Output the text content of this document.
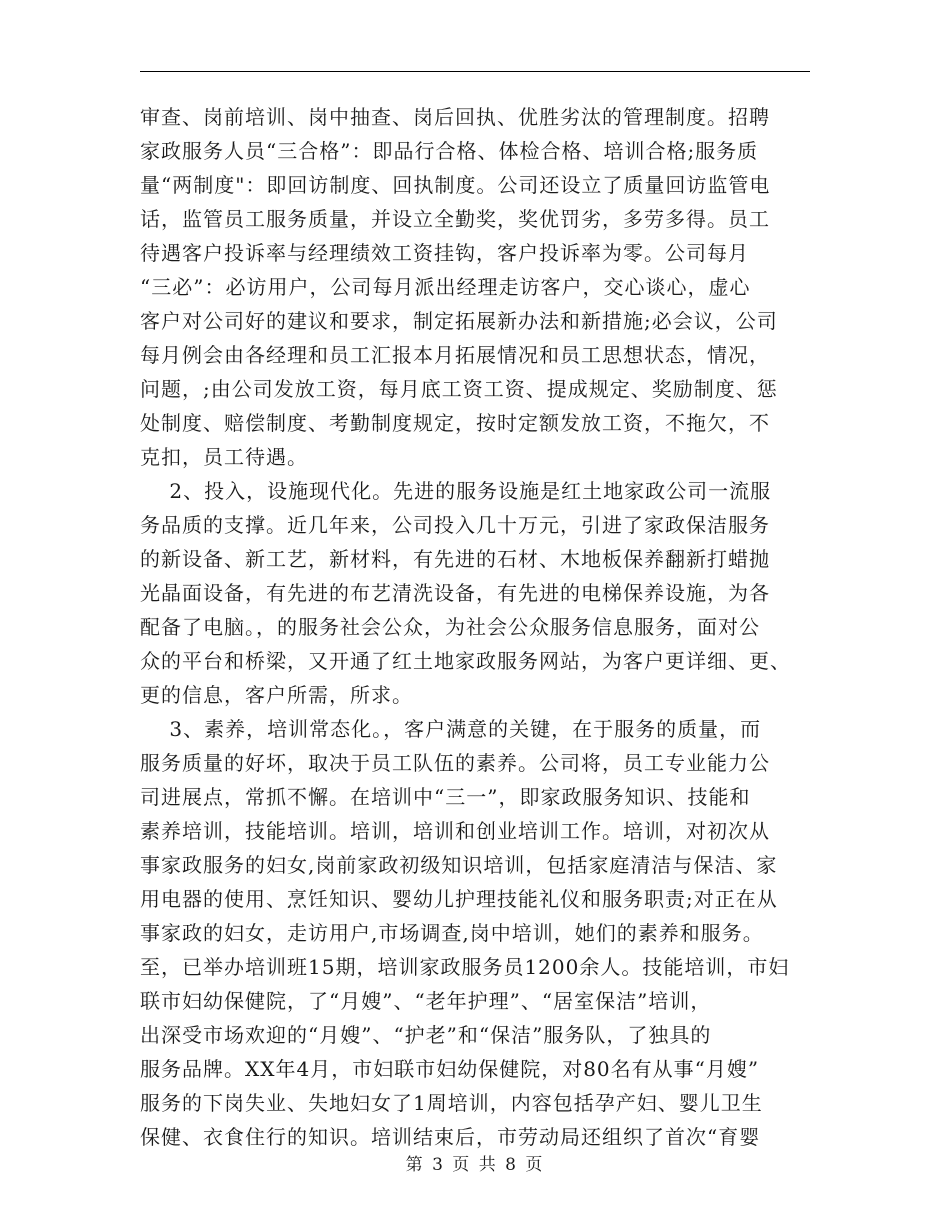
审查、岗前培训、岗中抽查、岗后回执、优胜劣汰的管理制度。招聘
家政服务人员“三合格”：即品行合格、体检合格、培训合格;服务质
量“两制度"：即回访制度、回执制度。公司还设立了质量回访监管电
话，监管员工服务质量，并设立全勤奖，奖优罚劣，多劳多得。员工
待遇客户投诉率与经理绩效工资挂钩，客户投诉率为零。公司每月
“三必”：必访用户，公司每月派出经理走访客户，交心谈心，虚心
客户对公司好的建议和要求，制定拓展新办法和新措施;必会议，公司
每月例会由各经理和员工汇报本月拓展情况和员工思想状态，情况，
问题，;由公司发放工资，每月底工资工资、提成规定、奖励制度、惩
处制度、赔偿制度、考勤制度规定，按时定额发放工资，不拖欠，不
克扣，员工待遇。
2、投入，设施现代化。先进的服务设施是红土地家政公司一流服
务品质的支撑。近几年来，公司投入几十万元，引进了家政保洁服务
的新设备、新工艺，新材料，有先进的石材、木地板保养翻新打蜡抛
光晶面设备，有先进的布艺清洗设备，有先进的电梯保养设施，为各
配备了电脑。，的服务社会公众，为社会公众服务信息服务，面对公
众的平台和桥梁，又开通了红土地家政服务网站，为客户更详细、更、
更的信息，客户所需，所求。
3、素养，培训常态化。，客户满意的关键，在于服务的质量，而
服务质量的好坏，取决于员工队伍的素养。公司将，员工专业能力公
司进展点，常抓不懈。在培训中“三一”，即家政服务知识、技能和
素养培训，技能培训。培训，培训和创业培训工作。培训，对初次从
事家政服务的妇女,岗前家政初级知识培训，包括家庭清洁与保洁、家
用电器的使用、烹饪知识、婴幼儿护理技能礼仪和服务职责;对正在从
事家政的妇女，走访用户,市场调查,岗中培训，她们的素养和服务。
至，已举办培训班15期，培训家政服务员1200余人。技能培训，市妇
联市妇幼保健院，了“月嫂”、“老年护理”、“居室保洁”培训，
出深受市场欢迎的“月嫂”、“护老”和“保洁”服务队，了独具的
服务品牌。XX年4月，市妇联市妇幼保健院，对80名有从事“月嫂”
服务的下岗失业、失地妇女了1周培训，内容包括孕产妇、婴儿卫生
保健、衣食住行的知识。培训结束后，市劳动局还组织了首次“育婴
第 3 页 共 8 页
